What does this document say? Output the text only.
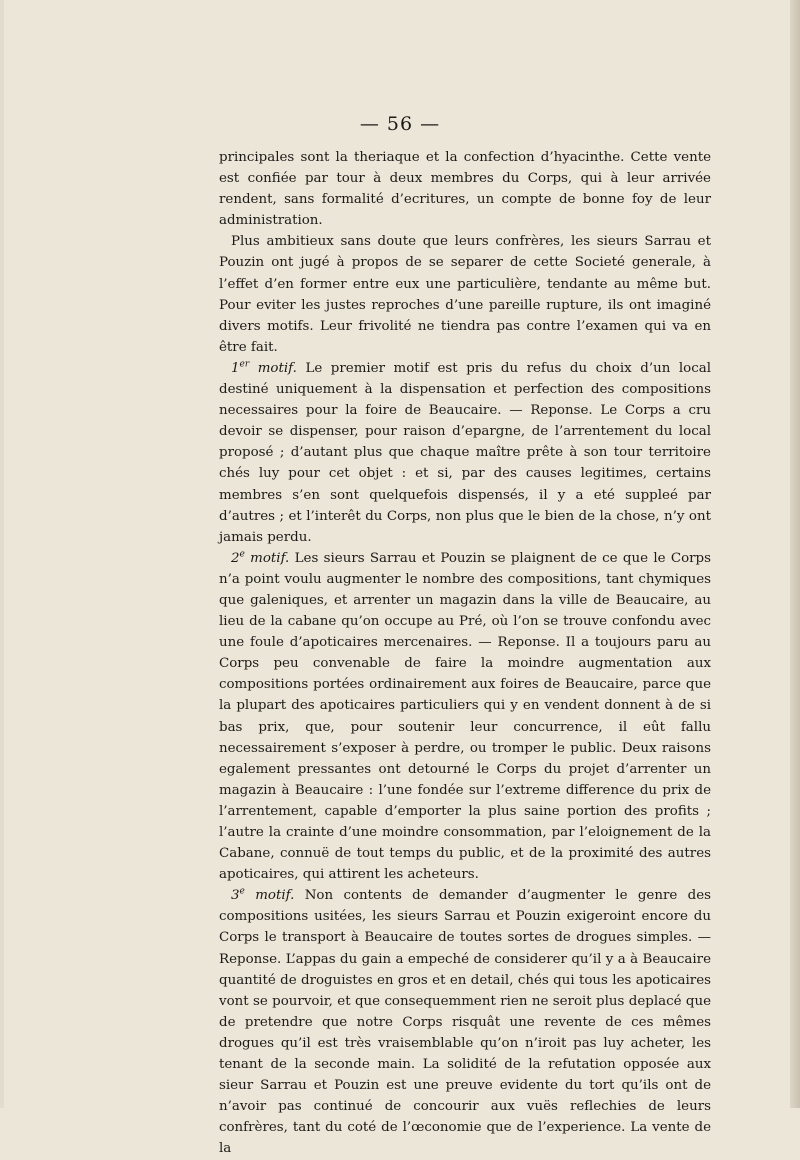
— 56 —

principales sont la theriaque et la confection d’hyacinthe. Cette vente est confiée par tour à deux membres du Corps, qui à leur arrivée rendent, sans formalité d’ecritures, un compte de bonne foy de leur administration.

Plus ambitieux sans doute que leurs confrères, les sieurs Sarrau et Pouzin ont jugé à propos de se separer de cette Societé generale, à l’effet d’en former entre eux une particulière, tendante au même but. Pour eviter les justes reproches d’une pareille rupture, ils ont imaginé divers motifs. Leur frivolité ne tiendra pas contre l’examen qui va en être fait.

1er motif. Le premier motif est pris du refus du choix d’un local destiné uniquement à la dispensation et perfection des compositions necessaires pour la foire de Beaucaire. — Reponse. Le Corps a cru devoir se dispenser, pour raison d’epargne, de l’arrentement du local proposé ; d’autant plus que chaque maître prête à son tour territoire chés luy pour cet objet : et si, par des causes legitimes, certains membres s’en sont quelquefois dispensés, il y a eté suppleé par d’autres ; et l’interêt du Corps, non plus que le bien de la chose, n’y ont jamais perdu.

2e motif. Les sieurs Sarrau et Pouzin se plaignent de ce que le Corps n’a point voulu augmenter le nombre des compositions, tant chymiques que galeniques, et arrenter un magazin dans la ville de Beaucaire, au lieu de la cabane qu’on occupe au Pré, où l’on se trouve confondu avec une foule d’apoticaires mercenaires. — Reponse. Il a toujours paru au Corps peu convenable de faire la moindre augmentation aux compositions portées ordinairement aux foires de Beaucaire, parce que la plupart des apoticaires particuliers qui y en vendent donnent à de si bas prix, que, pour soutenir leur concurrence, il eût fallu necessairement s’exposer à perdre, ou tromper le public. Deux raisons egalement pressantes ont detourné le Corps du projet d’arrenter un magazin à Beaucaire : l’une fondée sur l’extreme difference du prix de l’arrentement, capable d’emporter la plus saine portion des profits ; l’autre la crainte d’une moindre consommation, par l’eloignement de la Cabane, connuë de tout temps du public, et de la proximité des autres apoticaires, qui attirent les acheteurs.

3e motif. Non contents de demander d’augmenter le genre des compositions usitées, les sieurs Sarrau et Pouzin exigeroint encore du Corps le transport à Beaucaire de toutes sortes de drogues simples. — Reponse. L’appas du gain a empeché de considerer qu’il y a à Beaucaire quantité de droguistes en gros et en detail, chés qui tous les apoticaires vont se pourvoir, et que consequemment rien ne seroit plus deplacé que de pretendre que notre Corps risquât une revente de ces mêmes drogues qu’il est très vraisemblable qu’on n’iroit pas luy acheter, les tenant de la seconde main. La solidité de la refutation opposée aux sieur Sarrau et Pouzin est une preuve evidente du tort qu’ils ont de n’avoir pas continué de concourir aux vuës reflechies de leurs confrères, tant du coté de l’œconomie que de l’experience. La vente de la
